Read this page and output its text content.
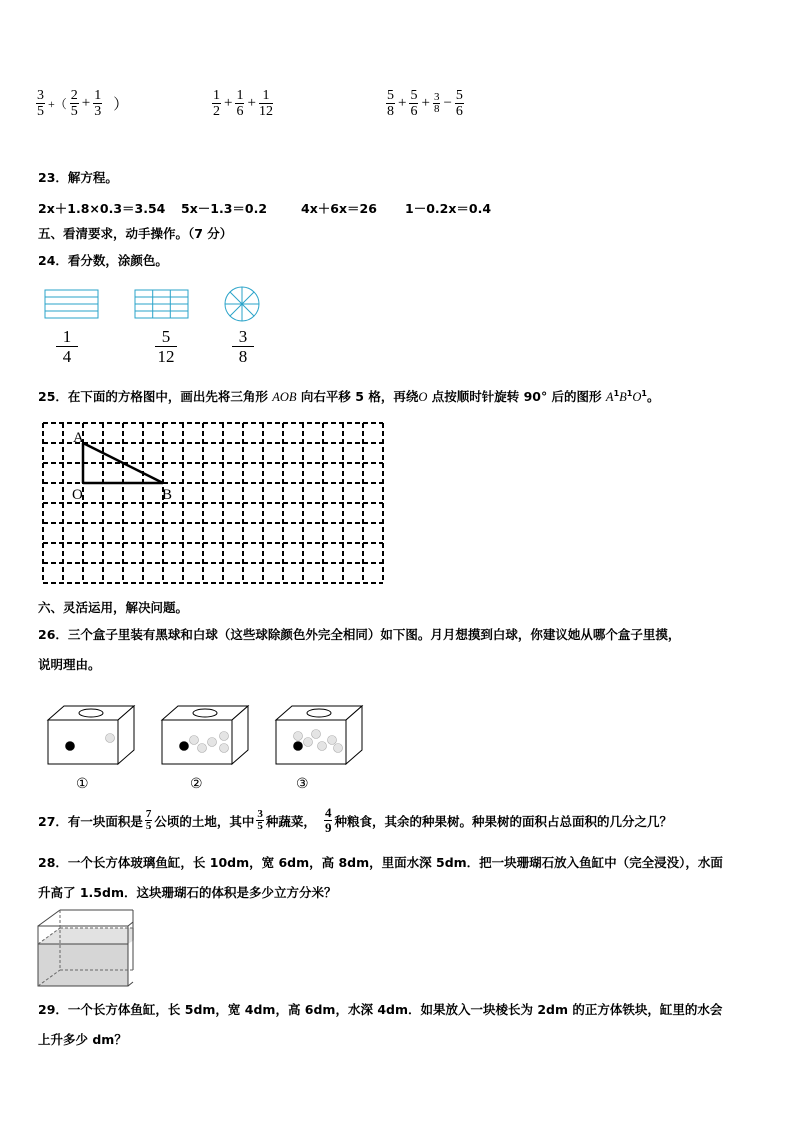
$\frac{3}{5}$ +（ $\frac{2}{5} + \frac{1}{3}$ ）	$\frac{1}{2} + \frac{1}{6} + \frac{1}{12}$	$\frac{5}{8} + \frac{5}{6} + \frac{3}{8} - \frac{5}{6}$
23．解方程。
2x＋1.8×0.3＝3.54 5x－1.3＝0.2	4x＋6x＝26 1－0.2x＝0.4
五、看清要求，动手操作。（7 分）
24．看分数，涂颜色。
1
4
5
12
3
8
25．在下面的方格图中，画出先将三角形 AOB 向右平移 5 格，再绕O 点按顺时针旋转 90° 后的图形 $A^1B^1O^1$。
A
O	B
六、灵活运用，解决问题。
26．三个盒子里装有黑球和白球（这些球除颜色外完全相同）如下图。月月想摸到白球，你建议她从哪个盒子里摸，
说明理由。
①	②	③
27．有一块面积是 $\frac{7}{5}$ 公顷的土地，其中 $\frac{3}{5}$ 种蔬菜， $\frac{4}{9}$ 种粮食，其余的种果树。种果树的面积占总面积的几分之几？
28．一个长方体玻璃鱼缸，长 10dm，宽 6dm，高 8dm，里面水深 5dm．把一块珊瑚石放入鱼缸中（完全浸没），水面
升高了 1.5dm．这块珊瑚石的体积是多少立方分米？
29．一个长方体鱼缸，长 5dm，宽 4dm，高 6dm，水深 4dm．如果放入一块棱长为 2dm 的正方体铁块，缸里的水会
上升多少 dm？
